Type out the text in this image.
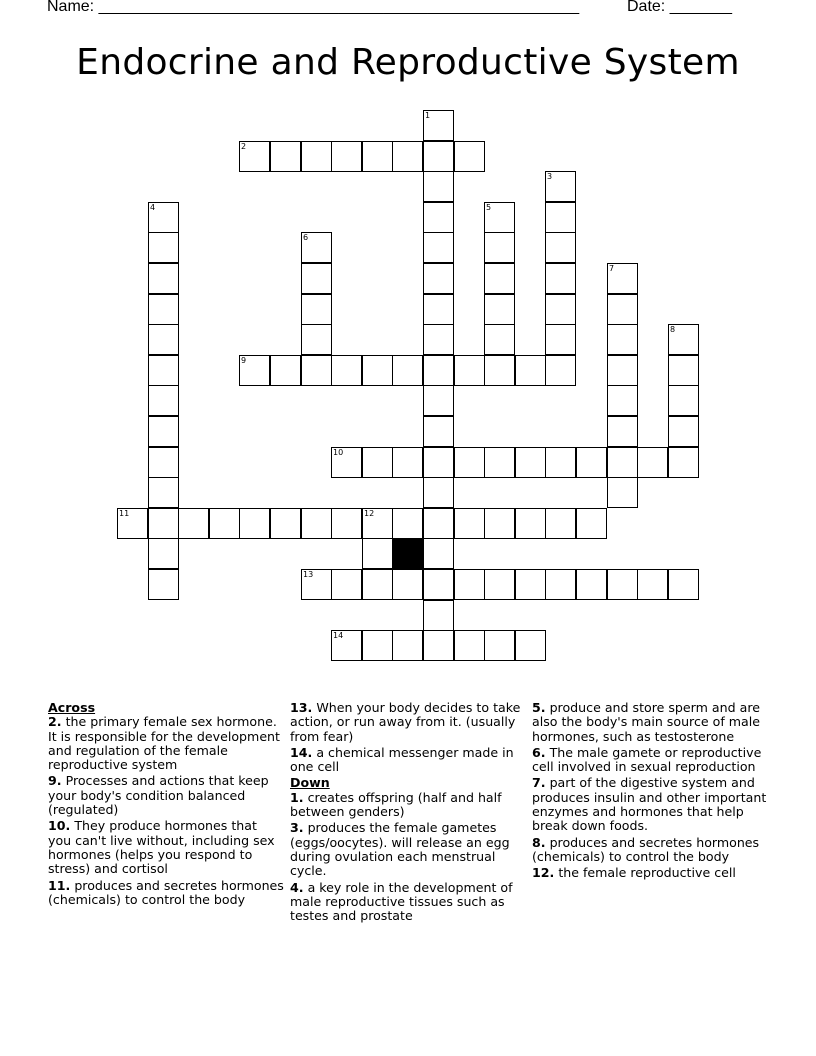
Name: ______________________________________________________	Date: _______
Endocrine and Reproductive System
1
2
3
4	5
6
7
8
9
10
11	12
13
14

Across

2. the primary female sex hormone. It is responsible for the development and regulation of the female reproductive system

9. Processes and actions that keep your body's condition balanced (regulated)

10. They produce hormones that you can't live without, including sex hormones (helps you respond to stress) and cortisol

11. produces and secretes hormones (chemicals) to control the body

13. When your body decides to take action, or run away from it. (usually from fear)

14. a chemical messenger made in one cell

Down

1. creates offspring (half and half between genders)

3. produces the female gametes (eggs/oocytes). will release an egg during ovulation each menstrual cycle.

4. a key role in the development of male reproductive tissues such as testes and prostate

5. produce and store sperm and are also the body's main source of male hormones, such as testosterone

6. The male gamete or reproductive cell involved in sexual reproduction

7. part of the digestive system and produces insulin and other important enzymes and hormones that help break down foods.

8. produces and secretes hormones (chemicals) to control the body

12. the female reproductive cell
